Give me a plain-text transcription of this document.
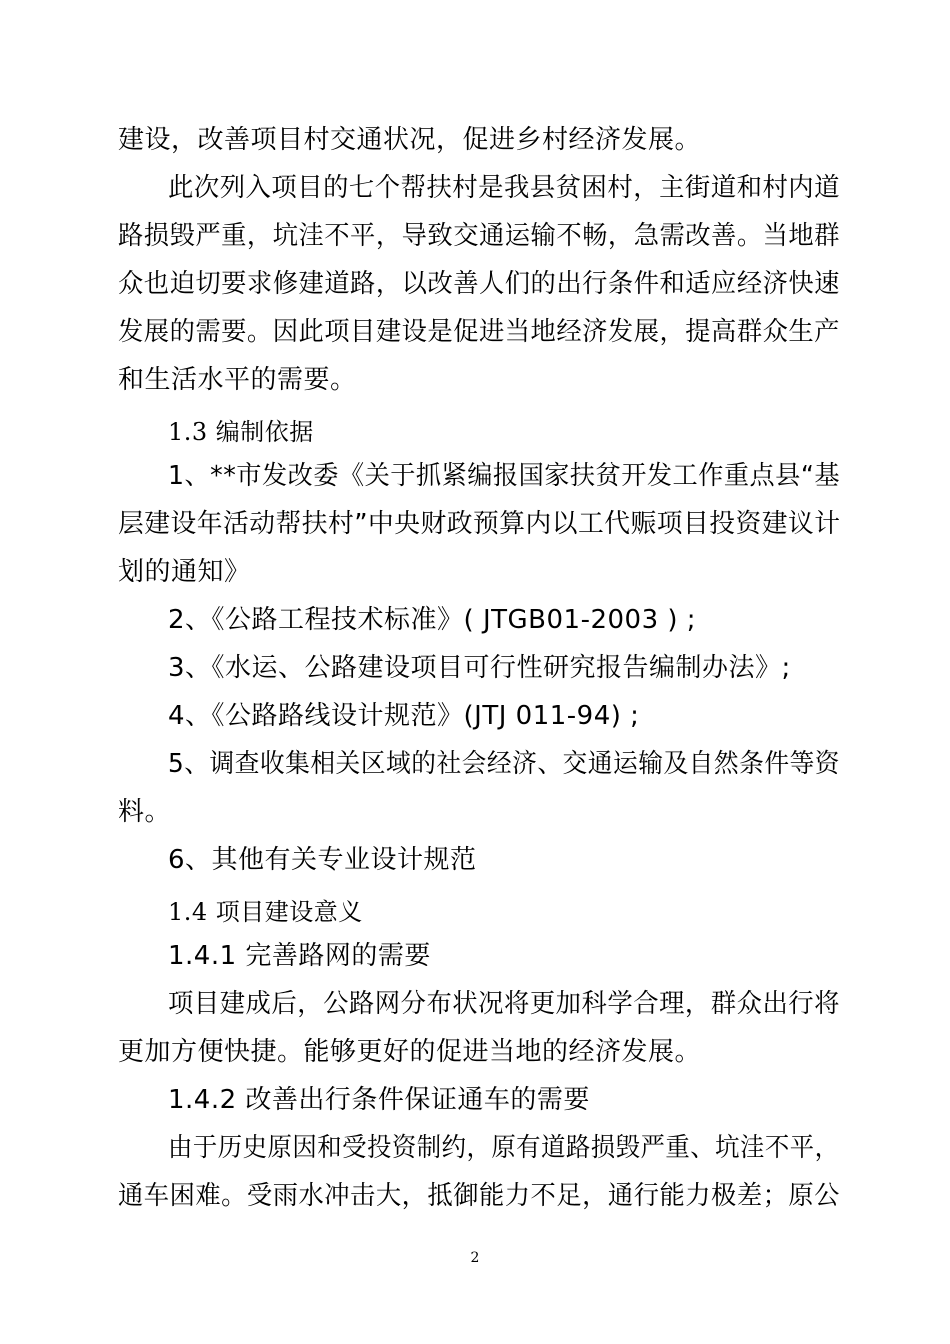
建设，改善项目村交通状况，促进乡村经济发展。
此次列入项目的七个帮扶村是我县贫困村，主街道和村内道
路损毁严重，坑洼不平，导致交通运输不畅，急需改善。当地群
众也迫切要求修建道路，以改善人们的出行条件和适应经济快速
发展的需要。因此项目建设是促进当地经济发展，提高群众生产
和生活水平的需要。
1.3 编制依据
1、**市发改委《关于抓紧编报国家扶贫开发工作重点县“基
层建设年活动帮扶村”中央财政预算内以工代赈项目投资建议计
划的通知》
2、《公路工程技术标准》( JTGB01-2003 ) ;
3、《水运、公路建设项目可行性研究报告编制办法》;
4、《公路路线设计规范》(JTJ 011-94) ;
5、调查收集相关区域的社会经济、交通运输及自然条件等资
料。
6、其他有关专业设计规范
1.4 项目建设意义
1.4.1 完善路网的需要
项目建成后，公路网分布状况将更加科学合理，群众出行将
更加方便快捷。能够更好的促进当地的经济发展。
1.4.2 改善出行条件保证通车的需要
由于历史原因和受投资制约，原有道路损毁严重、坑洼不平，
通车困难。受雨水冲击大，抵御能力不足，通行能力极差；原公
2
